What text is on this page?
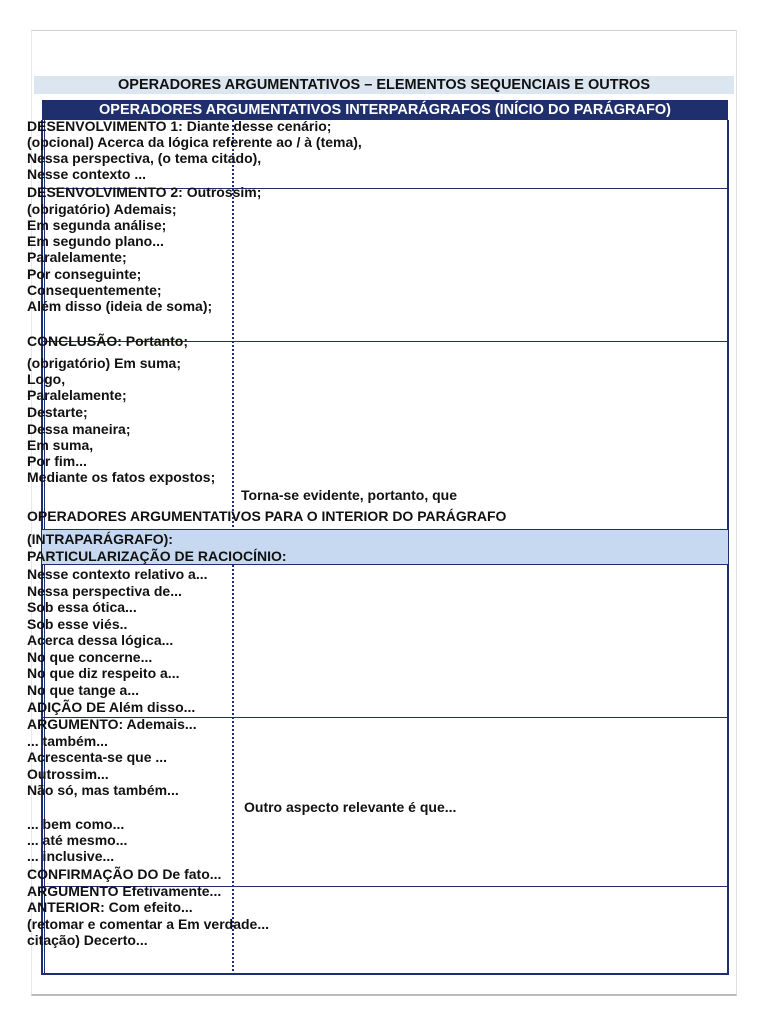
OPERADORES ARGUMENTATIVOS – ELEMENTOS SEQUENCIAIS E OUTROS
OPERADORES ARGUMENTATIVOS INTERPARÁGRAFOS (INÍCIO DO PARÁGRAFO)
DESENVOLVIMENTO 1: Diante desse cenário;
(opcional) Acerca da lógica referente ao / à (tema),
Nessa perspectiva, (o tema citado),
Nesse contexto ...
DESENVOLVIMENTO 2: Outrossim;
(obrigatório) Ademais;
Em segunda análise;
Em segundo plano...
Paralelamente;
Por conseguinte;
Consequentemente;
Além disso (ideia de soma);
CONCLUSÃO: Portanto;
(obrigatório) Em suma;
Logo,
Paralelamente;
Destarte;
Dessa maneira;
Em suma,
Por fim...
Mediante os fatos expostos;
Torna-se evidente, portanto, que
OPERADORES ARGUMENTATIVOS PARA O INTERIOR DO PARÁGRAFO
(INTRAPARÁGRAFO):
PARTICULARIZAÇÃO DE RACIOCÍNIO:
Nesse contexto relativo a...
Nessa perspectiva de...
Sob essa ótica...
Sob esse viés..
Acerca dessa lógica...
No que concerne...
No que diz respeito a...
No que tange a...
ADIÇÃO DE Além disso...
ARGUMENTO: Ademais...
... também...
Acrescenta-se que ...
Outrossim...
Não só, mas também...
Outro aspecto relevante é que...
... bem como...
... até mesmo...
... inclusive...
CONFIRMAÇÃO DO De fato...
ARGUMENTO Efetivamente...
ANTERIOR: Com efeito...
(retomar e comentar a Em verdade...
citação) Decerto...
